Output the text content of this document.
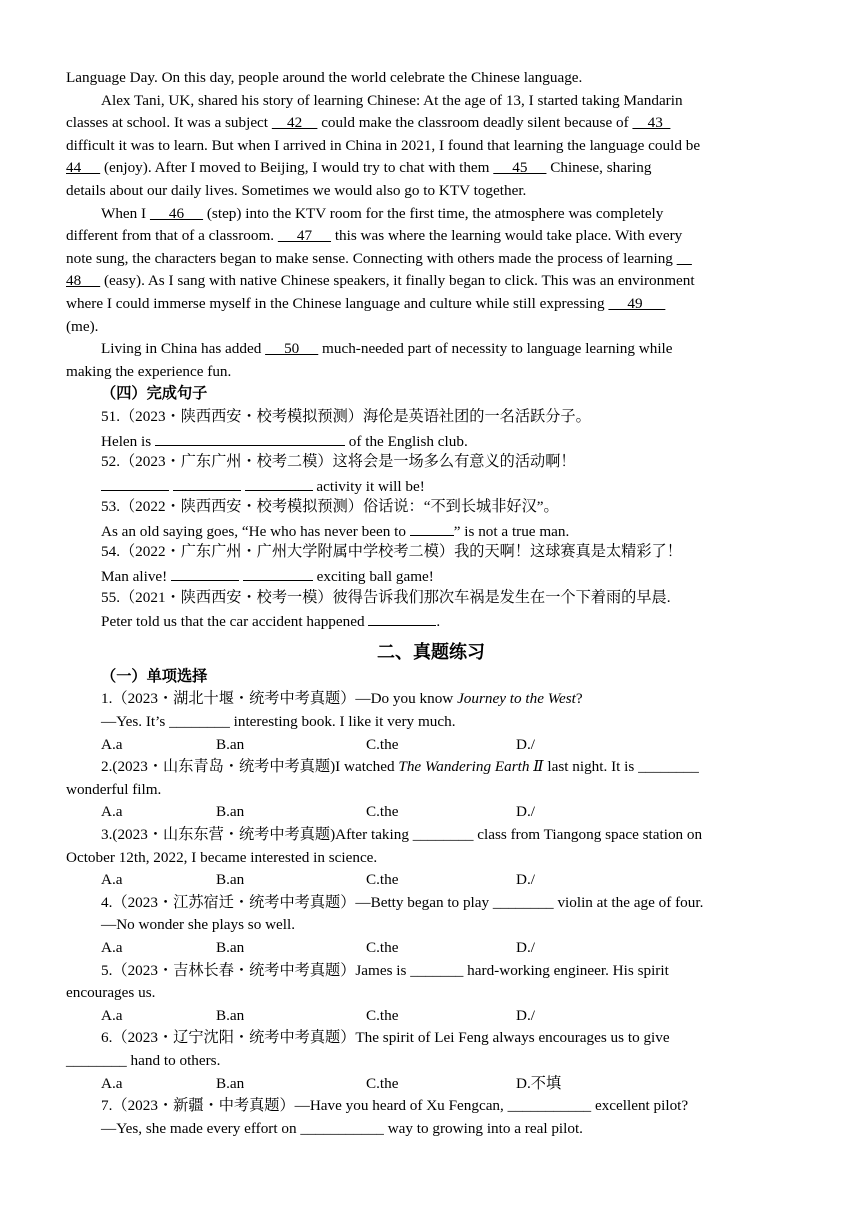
Language Day. On this day, people around the world celebrate the Chinese language.
Alex Tani, UK, shared his story of learning Chinese: At the age of 13, I started taking Mandarin
classes at school. It was a subject     42     could make the classroom deadly silent because of     43
difficult it was to learn. But when I arrived in China in 2021, I found that learning the language could be
44      (enjoy). After I moved to Beijing, I would try to chat with them      45      Chinese, sharing
details about our daily lives. Sometimes we would also go to KTV together.
When I      46      (step) into the KTV room for the first time, the atmosphere was completely
different from that of a classroom.      47      this was where the learning would take place. With every
note sung, the characters began to make sense. Connecting with others made the process of learning
48      (easy). As I sang with native Chinese speakers, it finally began to click. This was an environment
where I could immerse myself in the Chinese language and culture while still expressing      49
(me).
Living in China has added      50      much-needed part of necessity to language learning while
making the experience fun.
（四）完成句子
51.（2023・陕西西安・校考模拟预测）海伦是英语社团的一名活跃分子。
Helen is	of the English club.
52.（2023・广东广州・校考二模）这将会是一场多么有意义的活动啊！
activity it will be!
53.（2022・陕西西安・校考模拟预测）俗话说：“不到长城非好汉”。
As an old saying goes, “He who has never been to	” is not a true man.
54.（2022・广东广州・广州大学附属中学校考二模）我的天啊！这球赛真是太精彩了！
Man alive!	exciting ball game!
55.（2021・陕西西安・校考一模）彼得告诉我们那次车祸是发生在一个下着雨的早晨.
Peter told us that the car accident happened	.
二、真题练习
（一）单项选择
1.（2023・湖北十堰・统考中考真题）—Do you know Journey to the West?
—Yes. It’s ________ interesting book. I like it very much.
A.a	B.an	C.the	D./
2.(2023・山东青岛・统考中考真题)I watched The Wandering Earth Ⅱ last night. It is ________
wonderful film.
A.a	B.an	C.the	D./
3.(2023・山东东营・统考中考真题)After taking ________ class from Tiangong space station on
October 12th, 2022, I became interested in science.
A.a	B.an	C.the	D./
4.（2023・江苏宿迁・统考中考真题）—Betty began to play ________ violin at the age of four.
—No wonder she plays so well.
A.a	B.an	C.the	D./
5.（2023・吉林长春・统考中考真题）James is _______ hard-working engineer. His spirit
encourages us.
A.a	B.an	C.the	D./
6.（2023・辽宁沈阳・统考中考真题）The spirit of Lei Feng always encourages us to give
________ hand to others.
A.a	B.an	C.the	D.不填
7.（2023・新疆・中考真题）—Have you heard of Xu Fengcan, ___________ excellent pilot?
—Yes, she made every effort on ___________ way to growing into a real pilot.
